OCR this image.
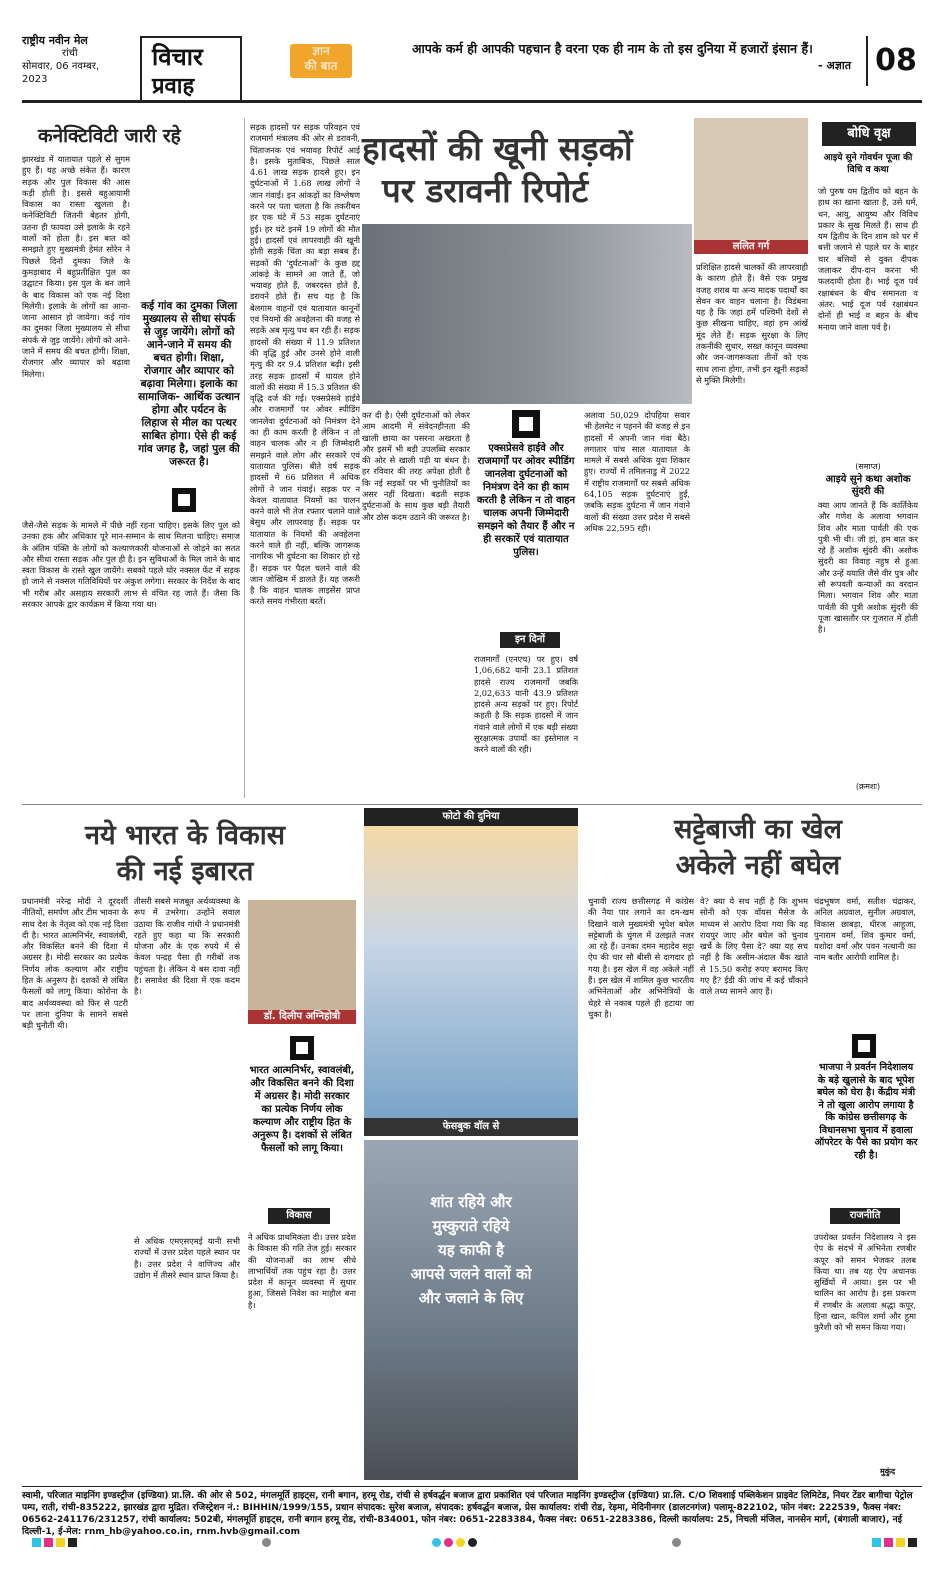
राष्ट्रीय नवीन मेल
रांची
सोमवार, 06 नवम्बर, 2023
विचार
प्रवाह
ज्ञान
की बात
आपके कर्म ही आपकी पहचान है वरना एक ही नाम के तो इस दुनिया में हजारों इंसान हैं।
- अज्ञात 08
कनेक्टिविटी जारी रहे

झारखंड में यातायात पहले से सुगम हुए हैं। यह अच्छे संकेत हैं। कारण सड़क और पुल विकास की आस कड़ी होती है। इससे बहुआयामी विकास का रास्ता खुलता है। कनेक्टिविटी जितनी बेहतर होगी, उतना ही फायदा उसे इलाके के रहने वालों को होता है। इस बात को समझते हुए मुख्यमंत्री हेमंत सोरेन ने पिछले दिनों दुमका जिले के कुमड़ाबाद में बहुप्रतीक्षित पुल का उद्घाटन किया। इस पुल के बन जाने के बाद विकास को एक नई दिशा मिलेगी। इलाके के लोगों का आना-जाना आसान हो जायेगा। कई गांव का दुमका जिला मुख्यालय से सीधा संपर्क से जुड़ जायेंगे। लोगों को आने-जाने में समय की बचत होगी। शिक्षा, रोजगार और व्यापार को बढ़ावा मिलेगा।

कई गांव का दुमका जिला मुख्यालय से सीधा संपर्क से जुड़ जायेंगे। लोगों को आने-जाने में समय की बचत होगी। शिक्षा, रोजगार और व्यापार को बढ़ावा मिलेगा। इलाके का सामाजिक- आर्थिक उत्थान होगा और पर्यटन के लिहाज से मील का पत्थर साबित होगा। ऐसे ही कई गांव जगह है, जहां पुल की जरूरत है।

जैसे-जैसे सड़क के मामले में पीछे नहीं रहना चाहिए। इसके लिए पुल को उनका हक और अधिकार पूरे मान-सम्मान के साथ मिलना चाहिए। समाज के अंतिम पंक्ति के लोगों को कल्याणकारी योजनाओं से जोड़ने का सतत और सीधा रास्ता सड़क और पुल ही है। इन सुविधाओं के मिल जाने के बाद स्वतः विकास के रास्ते खुल जायेंगे। सबको पहले घोर नक्सल फेंट में सड़क हो जाने से नक्सल गतिविधियों पर अंकुश लगेगा। सरकार के निर्देश के बाद भी गरीब और असहाय सरकारी लाभ से वंचित रह जाते हैं। जैसा कि सरकार आपके द्वार कार्यक्रम में किया गया था।

सड़क हादसों पर सड़क परिवहन एवं राजमार्ग मंत्रालय की ओर से डरावनी, चिंताजनक एवं भयावह रिपोर्ट आई है। इसके मुताबिक, पिछले साल 4.61 लाख सड़क हादसे हुए। इन दुर्घटनाओं में 1.68 लाख लोगों ने जान गंवाई। इन आंकड़ों का विश्लेषण करने पर पता चलता है कि तकरीबन हर एक घंटे में 53 सड़क दुर्घटनाएं हुईं। हर घंटे इनमें 19 लोगों की मौत हुई। हादसों एवं लापरवाही की खूनी होती सड़कें चिंता का बड़ा सबब हैं। सड़कों की 'दुर्घटनाओं' के कुछ हद्द आंकड़े के सामने आ जाते हैं, जो भयावह होते हैं, जबरदस्त होते हैं, डरावने होते हैं। सच यह है कि बेलगाम वाहनों एवं यातायात कानूनों एवं नियमों की अवहेलना की वजह से सड़कें अब मृत्यु पथ बन रही हैं। सड़क हादसों की संख्या में 11.9 प्रतिशत की वृद्धि हुई और उनसे होने वाली मृत्यु की दर 9.4 प्रतिशत बढ़ी। इसी तरह सड़क हादसों में घायल होने वालों की संख्या में 15.3 प्रतिशत की वृद्धि दर्ज की गई। एक्सप्रेसवे हाईवे और राजमार्गों पर ओवर स्पीडिंग जानलेवा दुर्घटनाओं को निमंत्रण देने का ही काम करती है लेकिन न तो वाहन चालक और न ही जिम्मेदारी समझने वाले लोग और सरकारें एवं यातायात पुलिस। बीते वर्ष सड़क हादसों में 66 प्रतिशत में अधिक लोगों ने जान गंवाई। सड़क पर न केवल यातायात नियमों का पालन करने वाले भी तेज रफ्तार चलाने वाले बेसुध और लापरवाह हैं। सड़क पर यातायात के नियमों की अवहेलना करने वाले ही नहीं, बल्कि जागरूक नागरिक भी दुर्घटना का शिकार हो रहे हैं। सड़क पर पैदल चलने वाले की जान जोखिम में डालते हैं। यह जरूरी है कि वाहन चालक लाइसेंस प्राप्त करते समय गंभीरता बरतें।

हादसों की खूनी सड़कों
पर डरावनी रिपोर्ट
ललित गर्ग

कर दी है। ऐसी दुर्घटनाओं को लेकर आम आदमी में संवेदनहीनता की खाली छाया का पसरना अखरता है और इसमें भी बड़ी उपलब्धि सरकार की ओर से खाली पड़ी या बंधन है। हर रविवार की तरह अपेक्षा होती है कि नई सड़कों पर भी चुनौतियों का असर नहीं दिखता। बढ़ती सड़क दुर्घटनाओं के साथ कुछ बड़ी तैयारी और ठोस कदम उठाने की जरूरत है।

एक्सप्रेसवे हाईवे और राजमार्गों पर ओवर स्पीडिंग जानलेवा दुर्घटनाओं को निमंत्रण देने का ही काम करती है लेकिन न तो वाहन चालक अपनी जिम्मेदारी समझने को तैयार हैं और न ही सरकारें एवं यातायात पुलिस।
इन दिनों

राजमार्गों (एनएच) पर हुए। वर्ष 1,06,682 यानी 23.1 प्रतिशत हादसे राज्य राजमार्गों जबकि 2,02,633 यानी 43.9 प्रतिशत हादसे अन्य सड़कों पर हुए। रिपोर्ट कहती है कि सड़क हादसों में जान गंवाने वाले लोगों में एक बड़ी संख्या सुरक्षात्मक उपायों का इस्तेमाल न करने वालों की रही।

अलावा 50,029 दोपहिया सवार भी हेलमेट न पहनने की वजह से इन हादसों में अपनी जान गंवा बैठे। लगातार पांच साल यातायात के मामले में सबसे अधिक युवा शिकार हुए। राज्यों में तमिलनाडु में 2022 में राष्ट्रीय राजमार्गों पर सबसे अधिक 64,105 सड़क दुर्घटनाएं हुईं, जबकि सड़क दुर्घटना में जान गंवाने वालों की संख्या उत्तर प्रदेश में सबसे अधिक 22,595 रही।

प्रशिक्षित हादसे चालकों की लापरवाही के कारण होते हैं। वैसे एक प्रमुख वजह शराब या अन्य मादक पदार्थों का सेवन कर वाहन चलाना है। विडंबना यह है कि जहां हमें पश्चिमी देशों से कुछ सीखना चाहिए, वहां हम आंखें मूंद लेते हैं। सड़क सुरक्षा के लिए तकनीकी सुधार, सख्त कानून व्यवस्था और जन-जागरूकता तीनों को एक साथ लाना होगा, तभी इन खूनी सड़कों से मुक्ति मिलेगी।

बोधि वृक्ष
आइये सुने गोवर्धन पूजा की विधि व कथा

जो पुरुष यम द्वितीय को बहन के हाथ का खाना खाता है, उसे धर्म, धन, आयु, आयुष्य और विविध प्रकार के सुख मिलते हैं। साथ ही यम द्वितीय के दिन शाम को घर में बत्ती जलाने से पहले घर के बाहर चार बत्तियों से युक्त दीपक जलाकर दीप-दान करना भी फलदायी होता है। भाई दूज पर्व रक्षाबंधन के बीच समानता व अंतर: भाई दूज पर्व रक्षाबंधन दोनों ही भाई व बहन के बीच मनाया जाने वाला पर्व है।

(समाप्त)
आइये सुने कथा अशोक सुंदरी की

क्या आप जानते हैं कि कार्तिकेय और गणेश के अलावा भगवान शिव और माता पार्वती की एक पुत्री भी थी। जी हां, हम बात कर रहे हैं अशोक सुंदरी की। अशोक सुंदरी का विवाह नहुष से हुआ और उन्हें ययाति जैसे वीर पुत्र और सौ रूपवती कन्याओं का वरदान मिला। भगवान शिव और माता पार्वती की पुत्री अशोक सुंदरी की पूजा खासतौर पर गुजरात में होती है।

(क्रमशः)
नये भारत के विकास
की नई इबारत

प्रधानमंत्री नरेन्द्र मोदी ने दूरदर्शी नीतियों, समर्पण और टीम भावना के साथ देश के नेतृत्व को एक नई दिशा दी है। भारत आत्मनिर्भर, स्वावलंबी, और विकसित बनने की दिशा में अग्रसर है। मोदी सरकार का प्रत्येक निर्णय लोक कल्याण और राष्ट्रीय हित के अनुरूप है। दशकों से लंबित फैसलों को लागू किया। कोरोना के बाद अर्थव्यवस्था को फिर से पटरी पर लाना दुनिया के सामने सबसे बड़ी चुनौती थी।

तीसरी सबसे मजबूत अर्थव्यवस्था के रूप में उभरेगा। उन्होंने सवाल उठाया कि राजीव गांधी ने प्रधानमंत्री रहते हुए कहा था कि सरकारी योजना और के एक रुपये में से केवल पन्द्रह पैसा ही गरीबों तक पहुंचता है। लेकिन ये बस दावा नहीं है। समावेश की दिशा में एक कदम है।

डॉ. दिलीप अग्निहोत्री
भारत आत्मनिर्भर, स्वावलंबी, और विकसित बनने की दिशा में अग्रसर है। मोदी सरकार का प्रत्येक निर्णय लोक कल्याण और राष्ट्रीय हित के अनुरूप है। दशकों से लंबित फैसलों को लागू किया।
विकास

ने अधिक प्राथमिकता दी। उत्तर प्रदेश के विकास की गति तेज हुई। सरकार की योजनाओं का लाभ सीधे लाभार्थियों तक पहुंच रहा है। उत्तर प्रदेश में कानून व्यवस्था में सुधार हुआ, जिससे निवेश का माहौल बना है।

से अधिक एमएसएमई यानी सभी राज्यों में उत्तर प्रदेश पहले स्थान पर है। उत्तर प्रदेश ने वाणिज्य और उद्योग में तीसरे स्थान प्राप्त किया है।

फोटो की दुनिया
फेसबुक वॉल से
शांत रहिये और
मुस्कुराते रहिये
यह काफी है
आपसे जलने वालों को
और जलाने के लिए
सट्टेबाजी का खेल
अकेले नहीं बघेल

चुनावी राज्य छत्तीसगढ़ में कांग्रेस की नैया पार लगाने का दम-खम दिखाने वाले मुख्यमंत्री भूपेश बघेल सट्टेबाजी के चुंगल में उलझते नजर आ रहे हैं। उनका दमन महादेव सट्टा ऐप की चार सौ बीसी से दागदार हो गया है। इस खेल में वह अकेले नहीं हैं। इस खेल में शामिल कुछ भारतीय अभिनेताओं और अभिनेत्रियों के चेहरे से नकाब पहले ही हटाया जा चुका है।

वे? क्या ये सच नहीं है कि शुभम सोनी को एक वॉयस मैसेज के माध्यम से आरोप दिया गया कि वह रायपुर जाए और बघेल को चुनाव खर्चे के लिए पैसा दे? क्या यह सच नहीं है कि असीम-अंदाल बैंक खाते से 15.50 करोड़ रुपए बरामद किए गए हैं? ईडी की जांच में कई चौंकाने वाले तथ्य सामने आए हैं।

चंद्रभूषण वर्मा, सतीश चंद्राकर, अनिल अग्रवाल, सुनील अग्रवाल, विकास छाबड़ा, धीरज आहूजा, पुनाराम वर्मा, शिव कुमार वर्मा, यशोदा वर्मा और पवन नत्थानी का नाम बतौर आरोपी शामिल है।

भाजपा ने प्रवर्तन निदेशालय के बड़े खुलासे के बाद भूपेश बघेल को घेरा है। केंद्रीय मंत्री ने तो खुला आरोप लगाया है कि कांग्रेस छत्तीसगढ़ के विधानसभा चुनाव में हवाला ऑपरेटर के पैसे का प्रयोग कर रही है।
राजनीति

उपरोक्त प्रवर्तन निदेशालय ने इस ऐप के संदर्भ में अभिनेता रणबीर कपूर को समन भेजकर तलब किया था। तब यह ऐप अचानक सुर्खियों में आया। इस पर भी चालिन का आरोप है। इस प्रकरण में रणबीर के अलावा श्रद्धा कपूर, हिना खान, कपिल शर्मा और हुमा कुरैशी को भी समन किया गया।

मुकुंद
स्वामी, परिजात माइनिंग इण्डस्ट्रीज (इण्डिया) प्रा.लि. की ओर से 502, मंगलमूर्ति हाइट्स, रानी बगान, हरमू रोड, रांची से हर्षवर्द्धन बजाज द्वारा प्रकाशित एवं परिजात माइनिंग इण्डस्ट्रीज (इण्डिया) प्रा.लि. C/O शिवशाई पब्लिकेशन प्राइवेट लिमिटेड, नियर टेंडर बागीचा पेट्रोल पम्प, राती, रांची-835222, झारखंड द्वारा मुद्रित। रजिस्ट्रेशन नं.: BIHHIN/1999/155, प्रधान संपादक: सुरेश बजाज, संपादक: हर्षवर्द्धन बजाज, प्रेस कार्यालय: रांची रोड, रेड़मा, मेदिनीनगर (डालटनगंज) पलामू-822102, फोन नंबर: 222539, फैक्स नंबर: 06562-241176/231257, रांची कार्यालय: 502बी, मंगलमूर्ति हाइट्स, रानी बगान हरमू रोड, रांची-834001, फोन नंबर: 0651-2283384, फैक्स नंबर: 0651-2283386, दिल्ली कार्यालय: 25, निचली मंजिल, नानसेन मार्ग, (बंगाली बाजार), नई दिल्ली-1, ई-मेल: rnm_hb@yahoo.co.in, rnm.hvb@gmail.com
